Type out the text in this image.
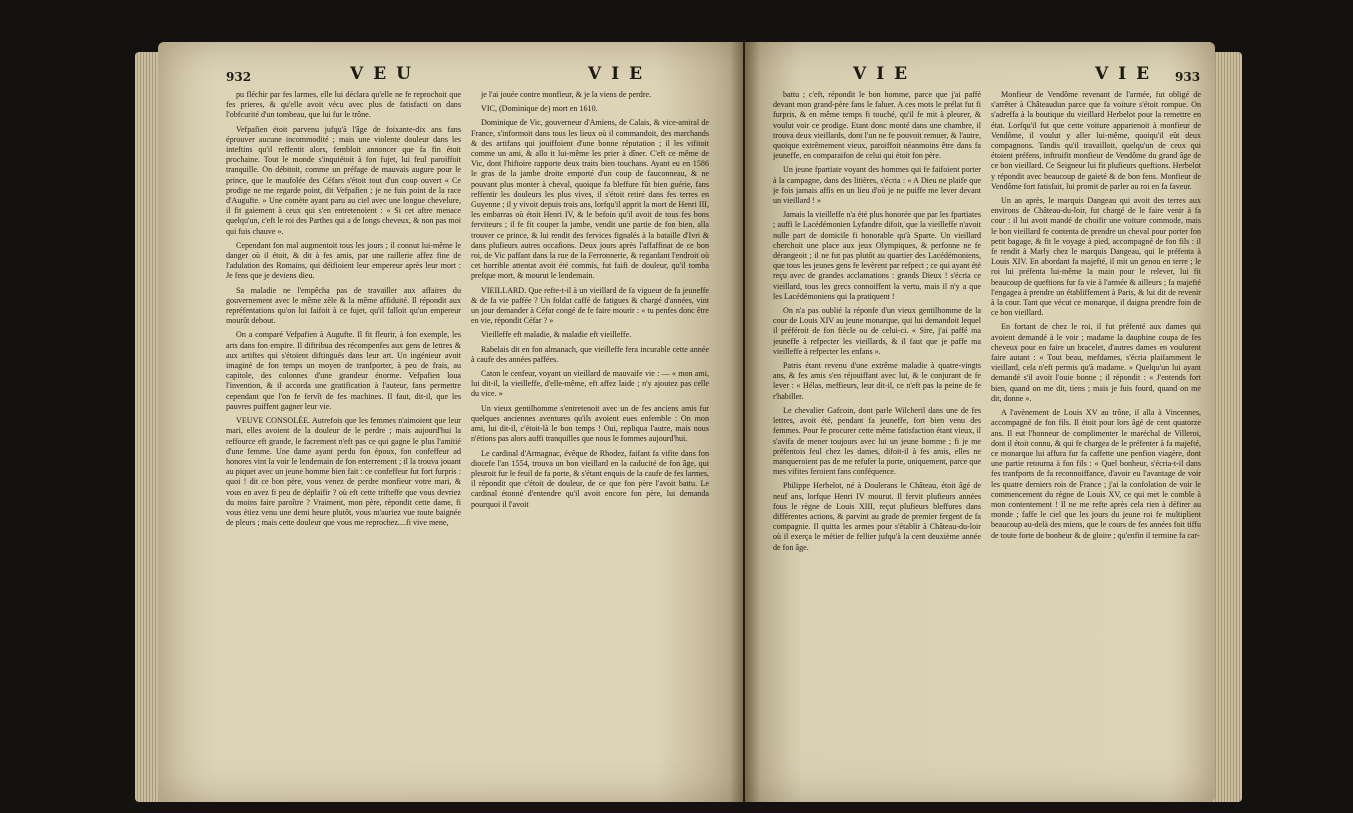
932	VEU	VIE

pu fléchir par fes larmes, elle lui déclara qu'elle ne fe reprochoit que fes prieres, & qu'elle avoit vécu avec plus de fatisfacti on dans l'obfcurité d'un tombeau, que lui fur le trône.

Vefpafien étoit parvenu jufqu'à l'âge de foixante-dix ans fans éprouver aucune incommodité ; mais une violente douleur dans les inteftins qu'il reffentit alors, fembloit annoncer que fa fin étoit prochaine. Tout le monde s'inquiétoit à fon fujet, lui feul paroiffoit tranquille. On débitoit, comme un préfage de mauvais augure pour le prince, que le maufolée des Céfars s'étoit tout d'un coup ouvert « Ce prodige ne me regarde point, dit Vefpafien ; je ne fuis point de la race d'Augufte. » Une comète ayant paru au ciel avec une longue chevelure, il fit gaiement à ceux qui s'en entretenoient : « Si cet aftre menace quelqu'un, c'eft le roi des Parthes qui a de longs cheveux, & non pas moi qui fuis chauve ».

Cependant fon mal augmentoit tous les jours ; il connut lui-même le danger où il étoit, & dit à fes amis, par une raillerie affez fine de l'adulation des Romains, qui déifioient leur empereur après leur mort : Je fens que je deviens dieu.

Sa maladie ne l'empêcha pas de travailler aux affaires du gouvernement avec le même zèle & la même affiduité. Il répondit aux repréfentations qu'on lui faifoit à ce fujet, qu'il falloit qu'un empereur mourût debout.

On a comparé Vefpafien à Augufte. Il fit fleurir, à fon exemple, les arts dans fon empire. Il diftribua des récompenfes aux gens de lettres & aux artiftes qui s'étoient diftingués dans leur art. Un ingénieur avoit imaginé de fon temps un moyen de tranfporter, à peu de frais, au capitole, des colonnes d'une grandeur énorme. Vefpafien loua l'invention, & il accorda une gratification à l'auteur, fans permettre cependant que l'on fe fervît de fes machines. Il faut, dit-il, que les pauvres puiffent gagner leur vie.

VEUVE CONSOLÉE. Autrefois que les femmes n'aimoient que leur mari, elles avoient de la douleur de le perdre ; mais aujourd'hui la reffource eft grande, le facrement n'eft pas ce qui gagne le plus l'amitié d'une femme. Une dame ayant perdu fon époux, fon confeffeur ad honores vint la voir le lendemain de fon enterrement ; il la trouva jouant au piquet avec un jeune homme bien fait : ce confeffeur fut fort furpris : quoi ! dit ce bon père, vous venez de perdre monfieur votre mari, & vous en avez fi peu de déplaifir ? où eft cette trifteffe que vous devriez du moins faire paroître ? Vraiment, mon père, répondit cette dame, fi vous étiez venu une demi heure plutôt, vous m'auriez vue toute baignée de pleurs ; mais cette douleur que vous me reprochez....fi vive mene,

je l'ai jouée contre monfieur, & je la viens de perdre.

VIC, (Dominique de) mort en 1610.

Dominique de Vic, gouverneur d'Amiens, de Calais, & vice-amiral de France, s'informoit dans tous les lieux où il commandoit, des marchands & des artifans qui jouiffoient d'une bonne réputation ; il les vifitoit comme un ami, & allo it lui-même les prier à dîner. C'eft ce même de Vic, dont l'hiftoire rapporte deux traits bien touchans. Ayant eu en 1586 le gras de la jambe droite emporté d'un coup de fauconneau, & ne pouvant plus monter à cheval, quoique fa bleffure fût bien guérie, fans reffentir les douleurs les plus vives, il s'étoit retiré dans fes terres en Guyenne ; il y vivoit depuis trois ans, lorfqu'il apprit la mort de Henri III, les embarras où étoit Henri IV, & le befoin qu'il avoit de tous fes bons ferviteurs ; il fe fit couper la jambe, vendit une partie de fon bien, alla trouver ce prince, & lui rendit des fervices fignalés à la bataille d'Ivri & dans plufieurs autres occafions. Deux jours après l'affaffinat de ce bon roi, de Vic paffant dans la rue de la Ferronnerie, & regardant l'endroit où cet horrible attentat avoit été commis, fut faifi de douleur, qu'il tomba prefque mort, & mourut le lendemain.

VIEILLARD. Que refte-t-il à un vieillard de fa vigueur de fa jeuneffe & de fa vie paffée ? Un foldat caffé de fatigues & chargé d'années, vint un jour demander à Céfar congé de fe faire mourir : « tu penfes donc être en vie, répondit Céfar ? »

Vieilleffe eft maladie, & maladie eft vieilleffe.

Rabelais dit en fon almanach, que vieilleffe fera incurable cette année à caufe des années paffées.

Caton le cenfeur, voyant un vieillard de mauvaife vie : — « mon ami, lui dit-il, la vieilleffe, d'elle-même, eft affez laide ; n'y ajoutez pas celle du vice. »

Un vieux gentilhomme s'entretenoit avec un de fes anciens amis fur quelques anciennes aventures qu'ils avoient eues enfemble : On mon ami, lui dit-il, c'étoit-là le bon temps ! Oui, repliqua l'autre, mais nous n'étions pas alors auffi tranquilles que nous le fommes aujourd'hui.

Le cardinal d'Armagnac, évêque de Rhodez, faifant fa vifite dans fon diocefe l'an 1554, trouva un bon vieillard en la caducité de fon âge, qui pleuroit fur le feuil de fa porte, & s'étant enquis de la caufe de fes larmes, il répondit que c'étoit de douleur, de ce que fon père l'avoit battu. Le cardinal étonné d'entendre qu'il avoit encore fon père, lui demanda pourquoi il l'avoit

VIE	VIE 933

battu ; c'eft, répondit le bon homme, parce que j'ai paffé devant mon grand-père fans le faluer. A ces mots le prélat fut fi furpris, & en même temps fi touché, qu'il fe mit à pleurer, & voulut voir ce prodige. Etant donc monté dans une chambre, il trouva deux vieillards, dont l'un ne fe pouvoit remuer, & l'autre, quoique extrêmement vieux, paroiffoit néanmoins être dans fa jeuneffe, en comparaifon de celui qui étoit fon père.

Un jeune fpartiate voyant des hommes qui fe faifoient porter à la campagne, dans des litières, s'écria : « A Dieu ne plaife que je fois jamais affis en un lieu d'où je ne puiffe me lever devant un vieillard ! »

Jamais la vieilleffe n'a été plus honorée que par les fpartiates ; auffi le Lacédémonien Lyfandre difoit, que la vieilleffe n'avoit nulle part de domicile fi honorable qu'à Sparte. Un vieillard cherchoit une place aux jeux Olympiques, & perfonne ne fe dérangeoit ; il ne fut pas plutôt au quartier des Lacédémoniens, que tous les jeunes gens fe levèrent par refpect ; ce qui ayant été reçu avec de grandes acclamations : grands Dieux ! s'écria ce vieillard, tous les grecs connoiffent la vertu, mais il n'y a que les Lacédémoniens qui la pratiquent !

On n'a pas oublié la réponfe d'un vieux gentilhomme de la cour de Louis XIV au jeune monarque, qui lui demandoit lequel il préféroit de fon fiècle ou de celui-ci. « Sire, j'ai paffé ma jeuneffe à refpecter les vieillards, & il faut que je paffe ma vieilleffe à refpecter les enfans ».

Patris étant revenu d'une extrême maladie à quatre-vingts ans, & fes amis s'en réjouiffant avec lui, & le conjurant de fe lever : « Hélas, meffieurs, leur dit-il, ce n'eft pas la peine de fe r'habiller.

Le chevalier Gafcoin, dont parle Wilcheril dans une de fes lettres, avoit été, pendant fa jeuneffe, fort bien venu des femmes. Pour fe procurer cette même fatisfaction étant vieux, il s'avifa de mener toujours avec lui un jeune homme ; fi je me préfentois feul chez les dames, difoit-il à fes amis, elles ne manqueroient pas de me refufer la porte, uniquement, parce que mes vifites feroient fans conféquence.

Philippe Herbelot, né à Doulerans le Château, étoit âgé de neuf ans, lorfque Henri IV mourut. Il fervit plufieurs années fous le règne de Louis XIII, reçut plufieurs bleffures dans différentes actions, & parvint au grade de premier fergent de fa compagnie. Il quitta les armes pour s'établir à Château-du-loir où il exerça le métier de fellier jufqu'à la cent deuxième année de fon âge.

Monfieur de Vendôme revenant de l'armée, fut obligé de s'arrêter à Châteaudun parce que fa voiture s'étoit rompue. On s'adreffa à la boutique du vieillard Herbelot pour la remettre en état. Lorfqu'il fut que cette voiture appartenoit à monfieur de Vendôme, il voulut y aller lui-même, quoiqu'il eût deux compagnons. Tandis qu'il travailloit, quelqu'un de ceux qui étoient préfens, inftruifit monfieur de Vendôme du grand âge de ce bon vieillard. Ce Seigneur lui fit plufieurs queftions. Herbelot y répondit avec beaucoup de gaieté & de bon fens. Monfieur de Vendôme fort fatisfait, lui promit de parler au roi en fa faveur.

Un an après, le marquis Dangeau qui avoit des terres aux environs de Château-du-loir, fut chargé de le faire venir à fa cour : il lui avoit mandé de choifir une voiture commode, mais le bon vieillard fe contenta de prendre un cheval pour porter fon petit bagage, & fit le voyage à pied, accompagné de fon fils : il fe rendit à Marly chez le marquis Dangeau, qui le préfenta à Louis XIV. En abordant fa majefté, il mit un genou en terre ; le roi lui préfenta lui-même la main pour le relever, lui fit beaucoup de queftions fur fa vie à l'armée & ailleurs ; fa majefté l'engagea à prendre un établiffement à Paris, & lui dit de revenir à la cour. Tant que vécut ce monarque, il daigna prendre foin de ce bon vieillard.

En fortant de chez le roi, il fut préfenté aux dames qui avoient demandé à le voir ; madame la dauphine coupa de fes cheveux pour en faire un bracelet, d'autres dames en voulurent faire autant : « Tout beau, mefdames, s'écria plaifamment le vieillard, cela n'eft permis qu'à madame. » Quelqu'un lui ayant demandé s'il avoit l'ouie bonne ; il répondit : « J'entends fort bien, quand on me dit, tiens ; mais je fuis fourd, quand on me dit, donne ».

A l'avènement de Louis XV au trône, il alla à Vincennes, accompagné de fon fils. Il étoit pour lors âgé de cent quatorze ans. Il eut l'honneur de complimenter le maréchal de Villeroi, dont il étoit connu, & qui fe chargea de le préfenter à fa majefté, ce monarque lui affura fur fa caffette une penfion viagère, dont une partie retourna à fon fils : « Quel bonheur, s'écria-t-il dans fes tranfports de fa reconnoiffance, d'avoir eu l'avantage de voir les quatre derniers rois de France ; j'ai la confolation de voir le commencement du règne de Louis XV, ce qui met le comble à mon contentement ! Il ne me refte après cela rien à défirer au monde ; faffe le ciel que les jours du jeune roi fe multiplient beaucoup au-delà des miens, que le cours de fes années foit tiffu de toute forte de bonheur & de gloire ; qu'enfin il termine fa car-
